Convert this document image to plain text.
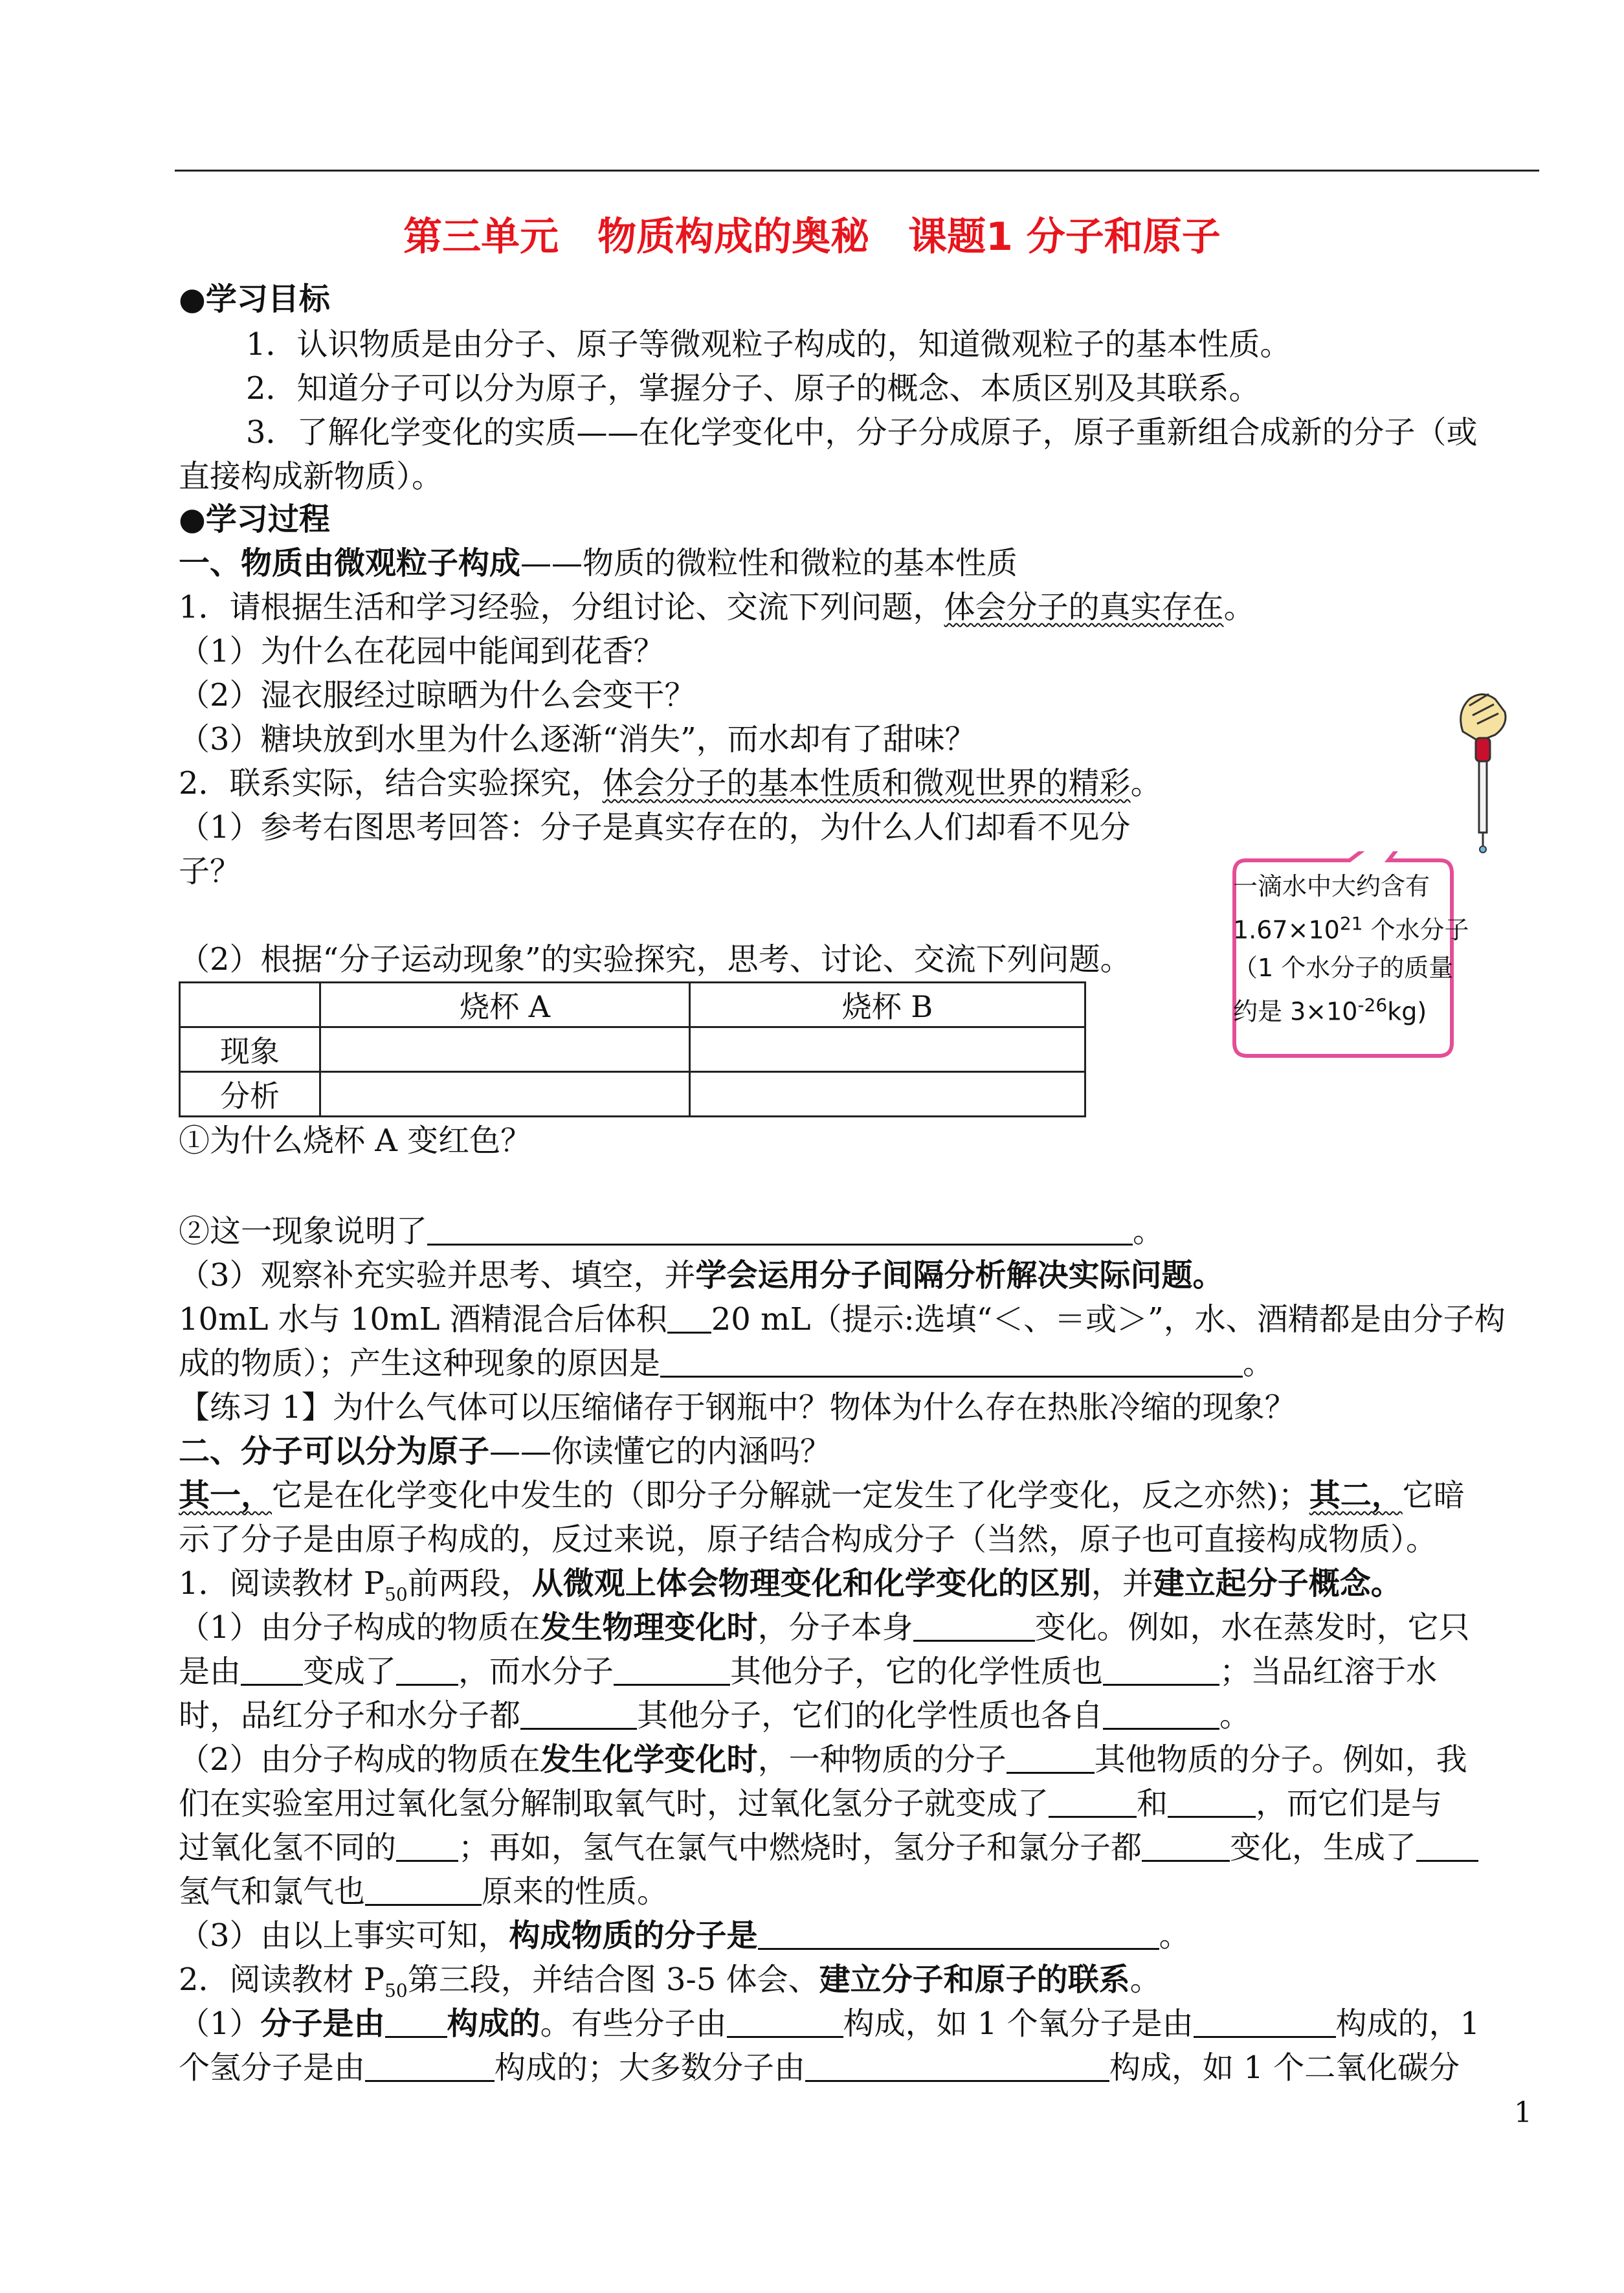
第三单元　物质构成的奥秘　课题1 分子和原子
●学习目标
1．认识物质是由分子、原子等微观粒子构成的，知道微观粒子的基本性质。
2．知道分子可以分为原子，掌握分子、原子的概念、本质区别及其联系。
3．了解化学变化的实质——在化学变化中，分子分成原子，原子重新组合成新的分子（或
直接构成新物质）。
●学习过程
一、物质由微观粒子构成——物质的微粒性和微粒的基本性质
1．请根据生活和学习经验，分组讨论、交流下列问题，体会分子的真实存在。
（1）为什么在花园中能闻到花香？
（2）湿衣服经过晾晒为什么会变干？
（3）糖块放到水里为什么逐渐“消失”，而水却有了甜味？
2．联系实际，结合实验探究，体会分子的基本性质和微观世界的精彩。
（1）参考右图思考回答：分子是真实存在的，为什么人们却看不见分
子？
（2）根据“分子运动现象”的实验探究，思考、讨论、交流下列问题。
	烧杯 A	烧杯 B
现象		
分析		
①为什么烧杯 A 变红色？
②这一现象说明了	。
（3）观察补充实验并思考、填空，并学会运用分子间隔分析解决实际问题。
10mL 水与 10mL 酒精混合后体积 20 mL（提示:选填“＜、＝或＞”，水、酒精都是由分子构
成的物质）；产生这种现象的原因是	。
【练习 1】为什么气体可以压缩储存于钢瓶中？物体为什么存在热胀冷缩的现象？
二、分子可以分为原子——你读懂它的内涵吗？
其一，它是在化学变化中发生的（即分子分解就一定发生了化学变化，反之亦然)；其二，它暗
示了分子是由原子构成的，反过来说，原子结合构成分子（当然，原子也可直接构成物质）。
1．阅读教材 $P_{50}$前两段，从微观上体会物理变化和化学变化的区别，并建立起分子概念。
（1）由分子构成的物质在发生物理变化时，分子本身	变化。例如，水在蒸发时，它只
是由 变成了 ，而水分子	其他分子，它的化学性质也	；当品红溶于水
时，品红分子和水分子都	其他分子，它们的化学性质也各自	。
（2）由分子构成的物质在发生化学变化时，一种物质的分子	其他物质的分子。例如，我
们在实验室用过氧化氢分解制取氧气时，过氧化氢分子就变成了	和	，而它们是与
过氧化氢不同的 ；再如，氢气在氯气中燃烧时，氢分子和氯分子都	变化，生成了
氢气和氯气也	原来的性质。
（3）由以上事实可知，构成物质的分子是	。
2．阅读教材 $P_{50}$第三段，并结合图 3-5 体会、建立分子和原子的联系。
（1）分子是由 构成的。有些分子由	构成，如 1 个氧分子是由	构成的，1
个氢分子是由	构成的；大多数分子由	构成，如 1 个二氧化碳分
一滴水中大约含有
$1.67\times 10^{21}$ 个水分子
（1 个水分子的质量
约是 $3\times 10^{-26}kg$)
1
